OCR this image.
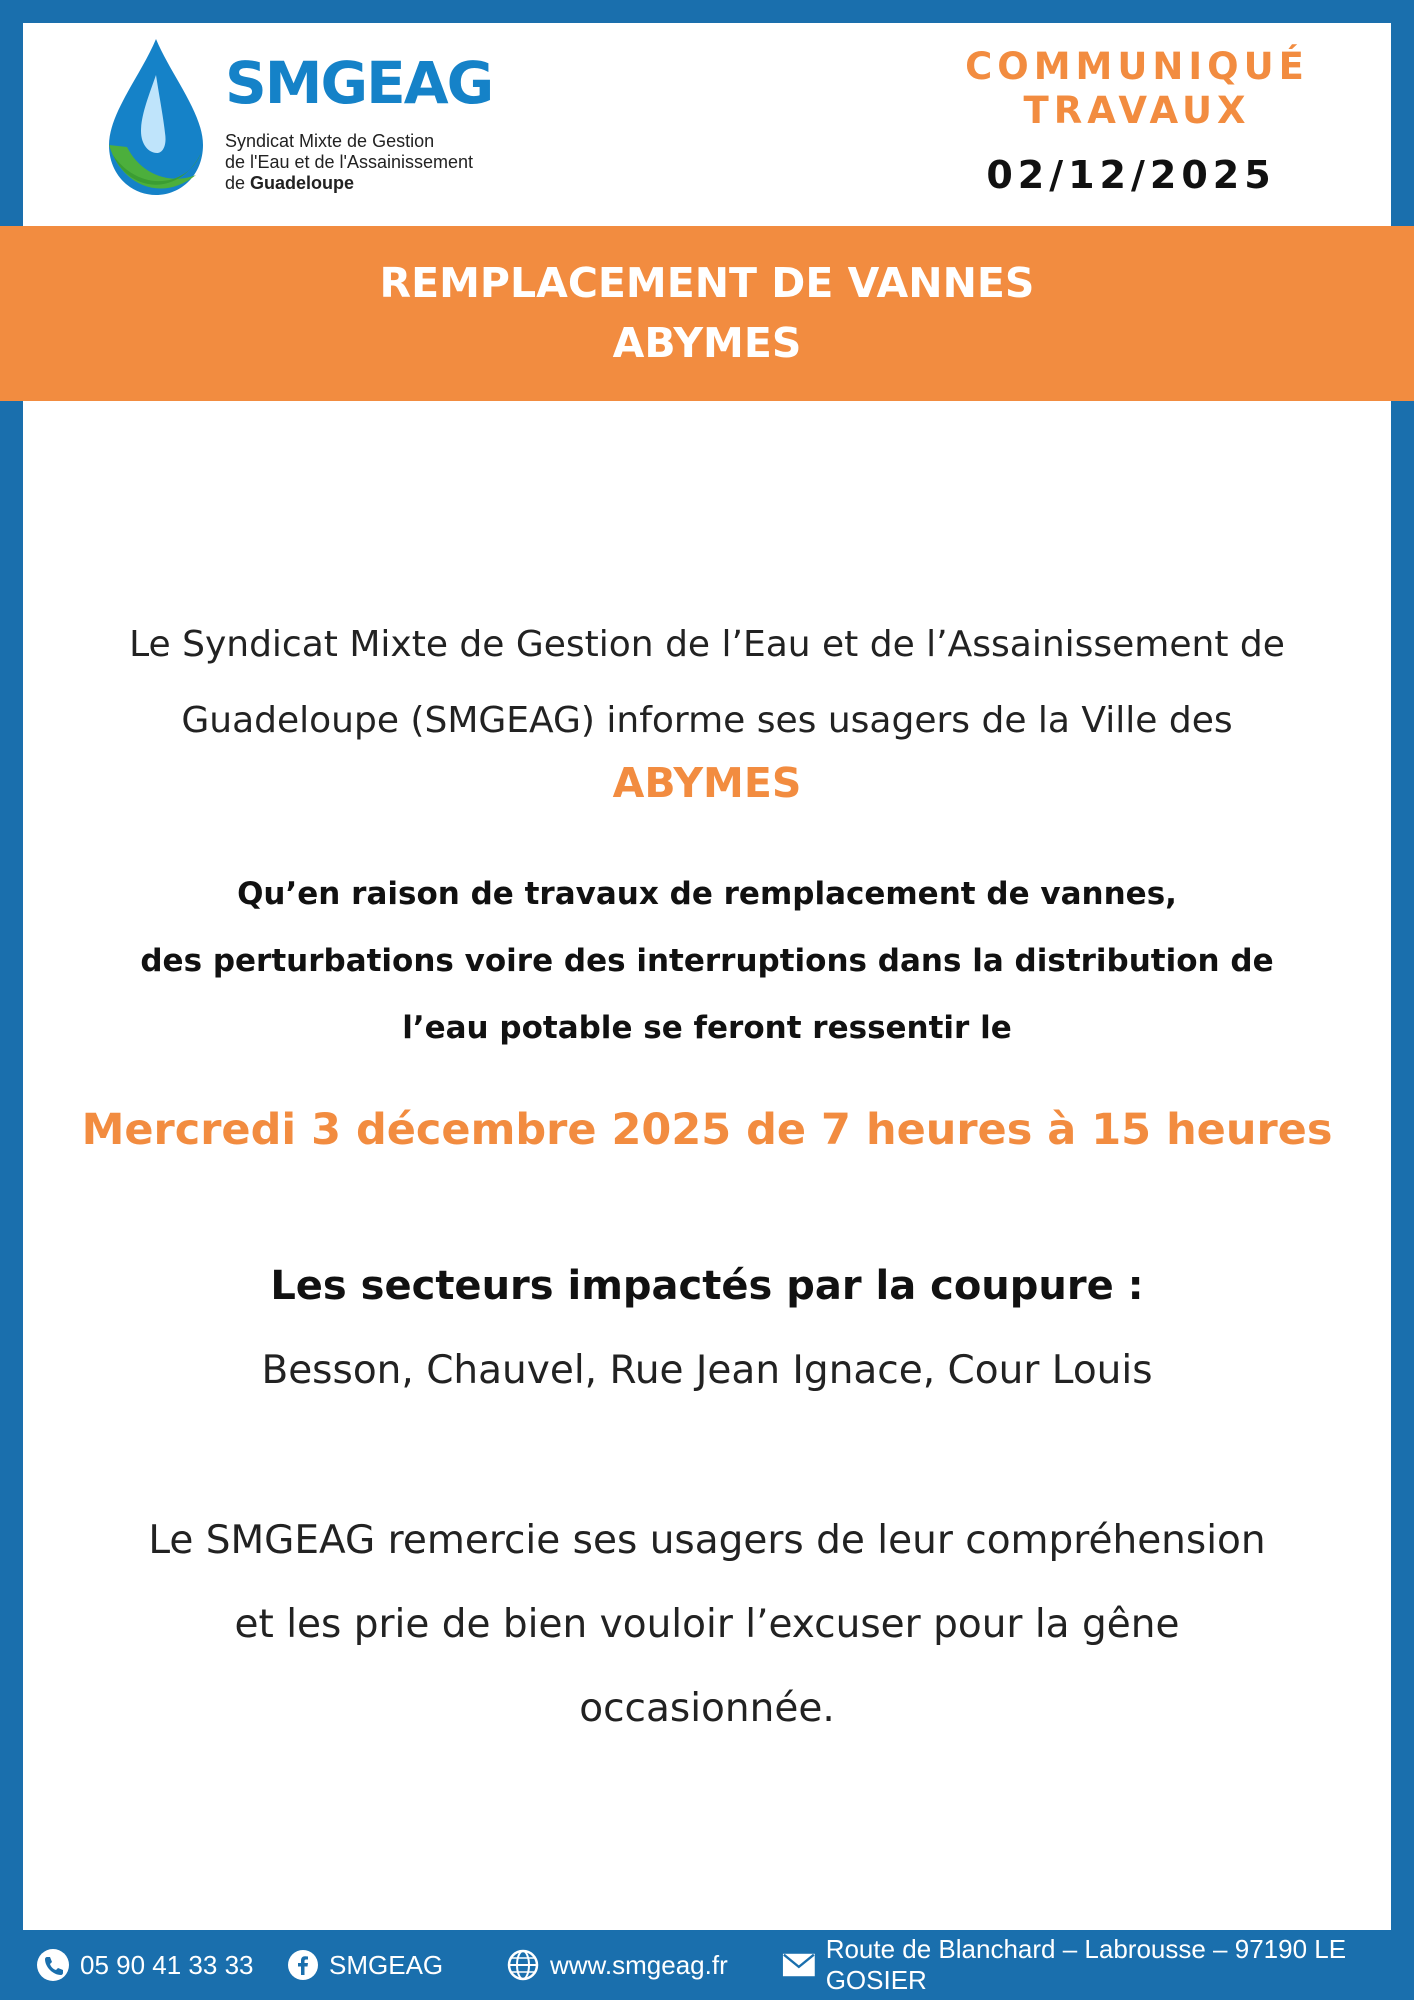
SMGEAG
Syndicat Mixte de Gestion
de l'Eau et de l'Assainissement
de Guadeloupe
COMMUNIQUÉ
TRAVAUX
02/12/2025
REMPLACEMENT DE VANNES
ABYMES
Le Syndicat Mixte de Gestion de l’Eau et de l’Assainissement de
Guadeloupe (SMGEAG) informe ses usagers de la Ville des
ABYMES
Qu’en raison de travaux de remplacement de vannes,
des perturbations voire des interruptions dans la distribution de
l’eau potable se feront ressentir le
Mercredi 3 décembre 2025 de 7 heures à 15 heures
Les secteurs impactés par la coupure :
Besson, Chauvel, Rue Jean Ignace, Cour Louis
Le SMGEAG remercie ses usagers de leur compréhension
et les prie de bien vouloir l’excuser pour la gêne
occasionnée.
05 90 41 33 33	SMGEAG	www.smgeag.fr
Route de Blanchard – Labrousse – 97190 LE GOSIER
